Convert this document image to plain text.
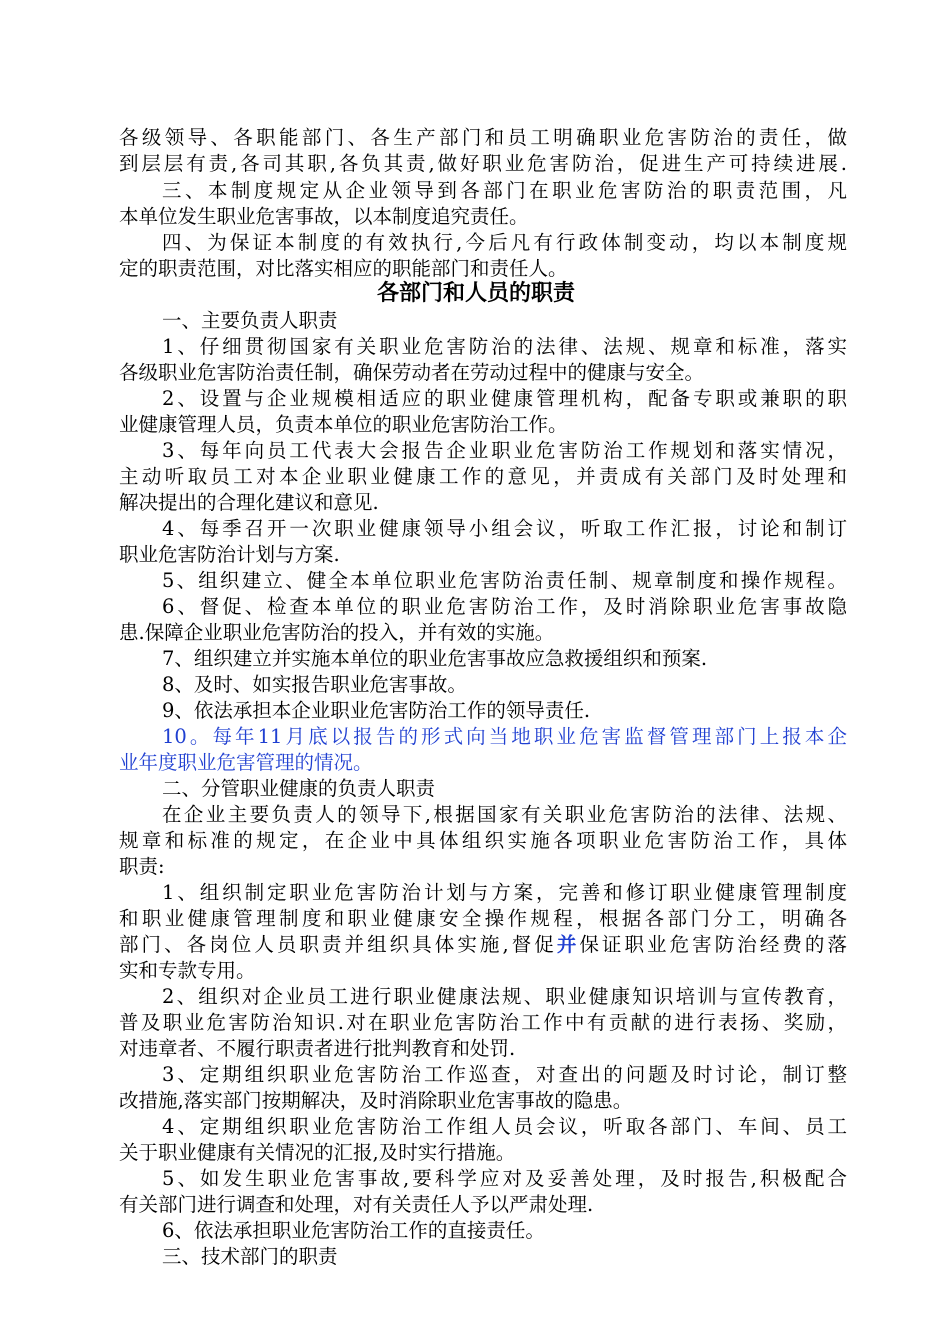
各部门和人员的职责
各级领导、各职能部门、各生产部门和员工明确职业危害防治的责任，做
到层层有责,各司其职,各负其责,做好职业危害防治，促进生产可持续进展.
三、本制度规定从企业领导到各部门在职业危害防治的职责范围，凡
本单位发生职业危害事故，以本制度追究责任。
四、为保证本制度的有效执行,今后凡有行政体制变动，均以本制度规
定的职责范围，对比落实相应的职能部门和责任人。
一、主要负责人职责
1、仔细贯彻国家有关职业危害防治的法律、法规、规章和标准，落实
各级职业危害防治责任制，确保劳动者在劳动过程中的健康与安全。
2、设置与企业规模相适应的职业健康管理机构，配备专职或兼职的职
业健康管理人员，负责本单位的职业危害防治工作。
3、每年向员工代表大会报告企业职业危害防治工作规划和落实情况，
主动听取员工对本企业职业健康工作的意见，并责成有关部门及时处理和
解决提出的合理化建议和意见.
4、每季召开一次职业健康领导小组会议，听取工作汇报，讨论和制订
职业危害防治计划与方案.
5、组织建立、健全本单位职业危害防治责任制、规章制度和操作规程。
6、督促、检查本单位的职业危害防治工作，及时消除职业危害事故隐
患.保障企业职业危害防治的投入，并有效的实施。
7、组织建立并实施本单位的职业危害事故应急救援组织和预案.
8、及时、如实报告职业危害事故。
9、依法承担本企业职业危害防治工作的领导责任.
10。每年11月底以报告的形式向当地职业危害监督管理部门上报本企
业年度职业危害管理的情况。
二、分管职业健康的负责人职责
在企业主要负责人的领导下,根据国家有关职业危害防治的法律、法规、
规章和标准的规定，在企业中具体组织实施各项职业危害防治工作，具体
职责:
1、组织制定职业危害防治计划与方案，完善和修订职业健康管理制度
和职业健康管理制度和职业健康安全操作规程，根据各部门分工，明确各
部门、各岗位人员职责并组织具体实施,督促并保证职业危害防治经费的落
实和专款专用。
2、组织对企业员工进行职业健康法规、职业健康知识培训与宣传教育，
普及职业危害防治知识.对在职业危害防治工作中有贡献的进行表扬、奖励，
对违章者、不履行职责者进行批判教育和处罚.
3、定期组织职业危害防治工作巡查，对查出的问题及时讨论，制订整
改措施,落实部门按期解决，及时消除职业危害事故的隐患。
4、定期组织职业危害防治工作组人员会议，听取各部门、车间、员工
关于职业健康有关情况的汇报,及时实行措施。
5、如发生职业危害事故,要科学应对及妥善处理，及时报告,积极配合
有关部门进行调查和处理，对有关责任人予以严肃处理.
6、依法承担职业危害防治工作的直接责任。
三、技术部门的职责
